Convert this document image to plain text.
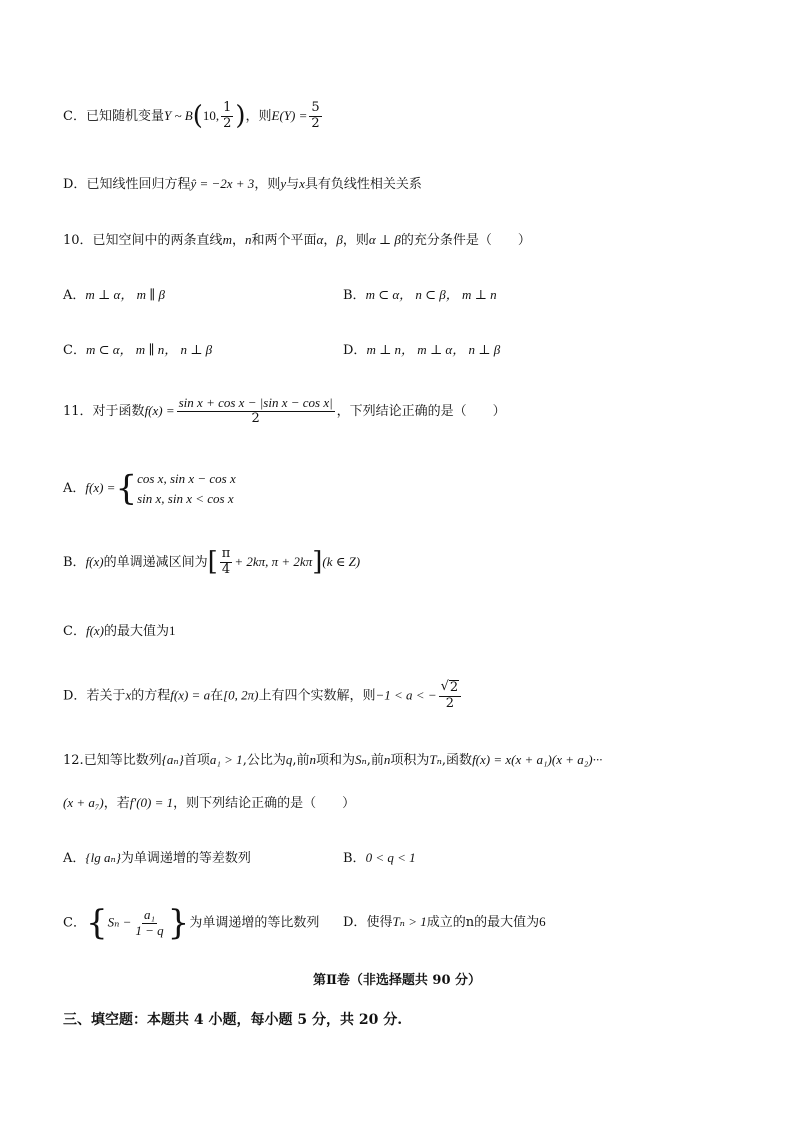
C．已知随机变量Y ~ B(10, $\frac{1}{2}$ )，则$E(Y) = \frac{5}{2}$
D．已知线性回归方程ŷ = −2x + 3，则y与x具有负线性相关关系
10．已知空间中的两条直线m，n和两个平面α，β，则α ⊥ β的充分条件是（　　）
A．m ⊥ α， m ∥ β	B．m ⊂ α， n ⊂ β， m ⊥ n
C．m ⊂ α， m ∥ n， n ⊥ β	D．m ⊥ n， m ⊥ α， n ⊥ β
11．对于函数$f(x) = \frac{\text{sin x + cos x − |sin x − cos x|}}{2}$ ，下列结论正确的是（　　）
A．f(x) ={ cos x, sin x − cos x
sin x, sin x < cos x
B．f(x)的单调递减区间为[ $\frac{\pi}{4} + 2k\pi$, π + 2kπ](k ∈ Z)
C．f(x)的最大值为1
D．若关于x的方程f(x) = a在[0, 2π)上有四个实数解，则−1 < a < − $\frac{√ 2}{2}$
12.已知等比数列{aₙ}首项a₁ > 1,公比为q,前n项和为Sₙ,前n项积为Tₙ,函数f(x) = x(x + a₁)(x + a₂)···
(x + a₇)，若f′(0) = 1，则下列结论正确的是（　　）
A．{lg aₙ}为单调递增的等差数列	B．0 < q < 1
C．{$S_n - \frac{\text{a₁}}{1 - q}$ }为单调递增的等比数列 D．使得Tₙ > 1成立的n的最大值为6
第Ⅱ卷（非选择题共 90 分）
三、填空题：本题共 4 小题，每小题 5 分，共 20 分.
